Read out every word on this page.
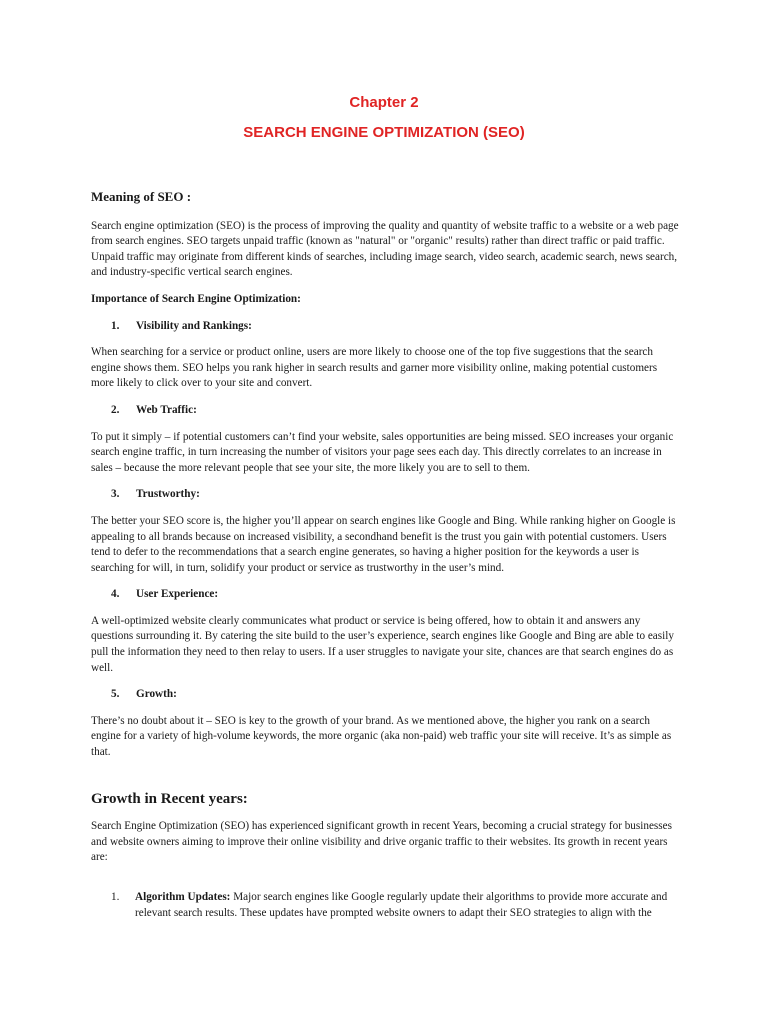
Chapter 2
SEARCH ENGINE OPTIMIZATION (SEO)
Meaning of SEO :

Search engine optimization (SEO) is the process of improving the quality and quantity of website traffic to a website or a web page from search engines. SEO targets unpaid traffic (known as "natural" or "organic" results) rather than direct traffic or paid traffic. Unpaid traffic may originate from different kinds of searches, including image search, video search, academic search, news search, and industry-specific vertical search engines.

Importance of Search Engine Optimization:
1.	Visibility and Rankings:

When searching for a service or product online, users are more likely to choose one of the top five suggestions that the search engine shows them. SEO helps you rank higher in search results and garner more visibility online, making potential customers more likely to click over to your site and convert.

2.	Web Traffic:

To put it simply – if potential customers can’t find your website, sales opportunities are being missed. SEO increases your organic search engine traffic, in turn increasing the number of visitors your page sees each day. This directly correlates to an increase in sales – because the more relevant people that see your site, the more likely you are to sell to them.

3.	Trustworthy:

The better your SEO score is, the higher you’ll appear on search engines like Google and Bing. While ranking higher on Google is appealing to all brands because on increased visibility, a secondhand benefit is the trust you gain with potential customers. Users tend to defer to the recommendations that a search engine generates, so having a higher position for the keywords a user is searching for will, in turn, solidify your product or service as trustworthy in the user’s mind.

4.	User Experience:

A well-optimized website clearly communicates what product or service is being offered, how to obtain it and answers any questions surrounding it. By catering the site build to the user’s experience, search engines like Google and Bing are able to easily pull the information they need to then relay to users. If a user struggles to navigate your site, chances are that search engines do as well.

5.	Growth:

There’s no doubt about it – SEO is key to the growth of your brand. As we mentioned above, the higher you rank on a search engine for a variety of high-volume keywords, the more organic (aka non-paid) web traffic your site will receive. It’s as simple as that.

Growth in Recent years:

Search Engine Optimization (SEO) has experienced significant growth in recent Years, becoming a crucial strategy for businesses and website owners aiming to improve their online visibility and drive organic traffic to their websites. Its growth in recent years are:

1.	Algorithm Updates: Major search engines like Google regularly update their algorithms to provide more accurate and relevant search results. These updates have prompted website owners to adapt their SEO strategies to align with the
